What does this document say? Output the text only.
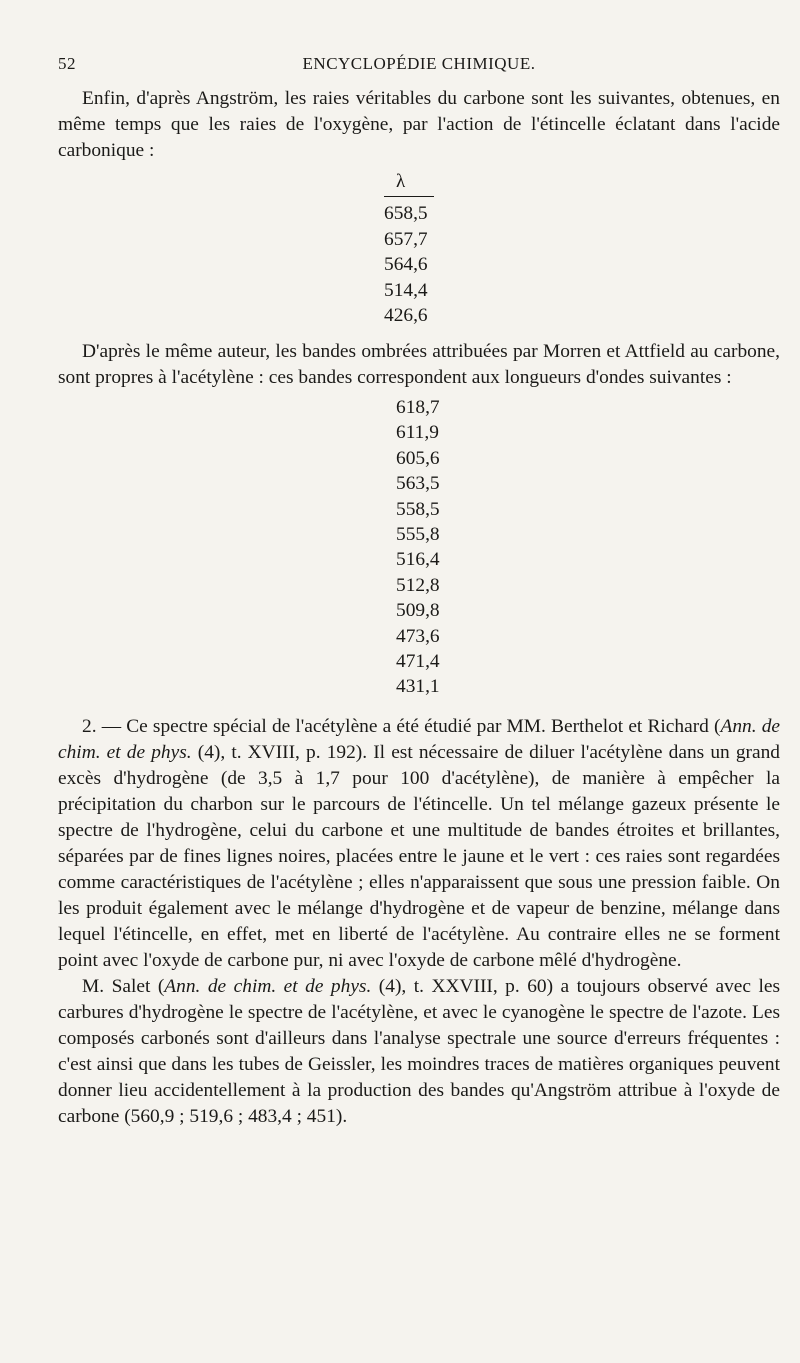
52	ENCYCLOPÉDIE CHIMIQUE.

Enfin, d'après Angström, les raies véritables du carbone sont les suivantes, obtenues, en même temps que les raies de l'oxygène, par l'action de l'étincelle éclatant dans l'acide carbonique :

λ
658,5
657,7
564,6
514,4
426,6

D'après le même auteur, les bandes ombrées attribuées par Morren et Attfield au carbone, sont propres à l'acétylène : ces bandes correspondent aux longueurs d'ondes suivantes :

618,7
611,9
605,6
563,5
558,5
555,8
516,4
512,8
509,8
473,6
471,4
431,1

2. — Ce spectre spécial de l'acétylène a été étudié par MM. Berthelot et Richard (Ann. de chim. et de phys. (4), t. XVIII, p. 192). Il est nécessaire de diluer l'acétylène dans un grand excès d'hydrogène (de 3,5 à 1,7 pour 100 d'acétylène), de manière à empêcher la précipitation du charbon sur le parcours de l'étincelle. Un tel mélange gazeux présente le spectre de l'hydrogène, celui du carbone et une multitude de bandes étroites et brillantes, séparées par de fines lignes noires, placées entre le jaune et le vert : ces raies sont regardées comme caractéristiques de l'acétylène ; elles n'apparaissent que sous une pression faible. On les produit également avec le mélange d'hydrogène et de vapeur de benzine, mélange dans lequel l'étincelle, en effet, met en liberté de l'acétylène. Au contraire elles ne se forment point avec l'oxyde de carbone pur, ni avec l'oxyde de carbone mêlé d'hydrogène.

M. Salet (Ann. de chim. et de phys. (4), t. XXVIII, p. 60) a toujours observé avec les carbures d'hydrogène le spectre de l'acétylène, et avec le cyanogène le spectre de l'azote. Les composés carbonés sont d'ailleurs dans l'analyse spectrale une source d'erreurs fréquentes : c'est ainsi que dans les tubes de Geissler, les moindres traces de matières organiques peuvent donner lieu accidentellement à la production des bandes qu'Angström attribue à l'oxyde de carbone (560,9 ; 519,6 ; 483,4 ; 451).
